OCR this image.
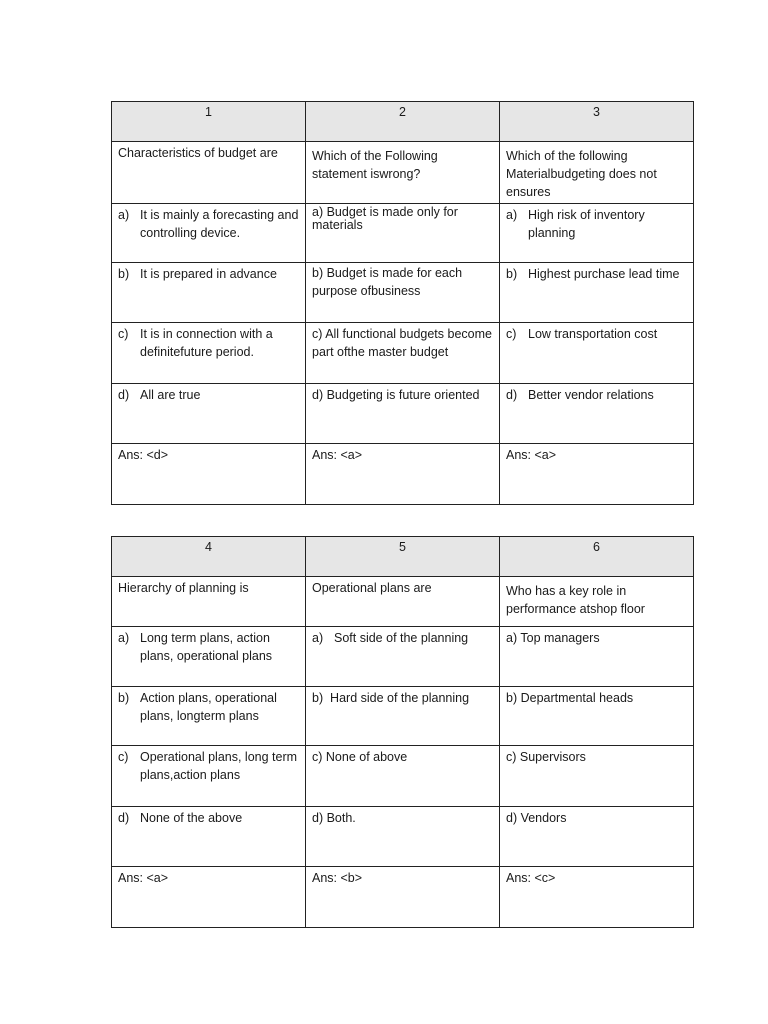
1	2	3
Characteristics of budget are	Which of the Following statement iswrong?	Which of the following Materialbudgeting does not ensures

a) It is mainly a forecasting and controlling device.	a) Budget is made only for materials	a) High risk of inventory planning

b) It is prepared in advance	b) Budget is made for each purpose ofbusiness	b) Highest purchase lead time

c) It is in connection with a definitefuture period.	c) All functional budgets become part ofthe master budget	c) Low transportation cost

d) All are true	d) Budgeting is future oriented	d) Better vendor relations

Ans: <d>	Ans: <a>	Ans: <a>
4	5	6
Hierarchy of planning is	Operational plans are	Who has a key role in performance atshop floor

a) Long term plans, action plans, operational plans	a) Soft side of the planning	a) Top managers

b) Action plans, operational plans, longterm plans	b)  Hard side of the planning	b) Departmental heads

c) Operational plans, long term plans,action plans	c) None of above	c) Supervisors

d) None of the above	d) Both.	d) Vendors

Ans: <a>	Ans: <b>	Ans: <c>
